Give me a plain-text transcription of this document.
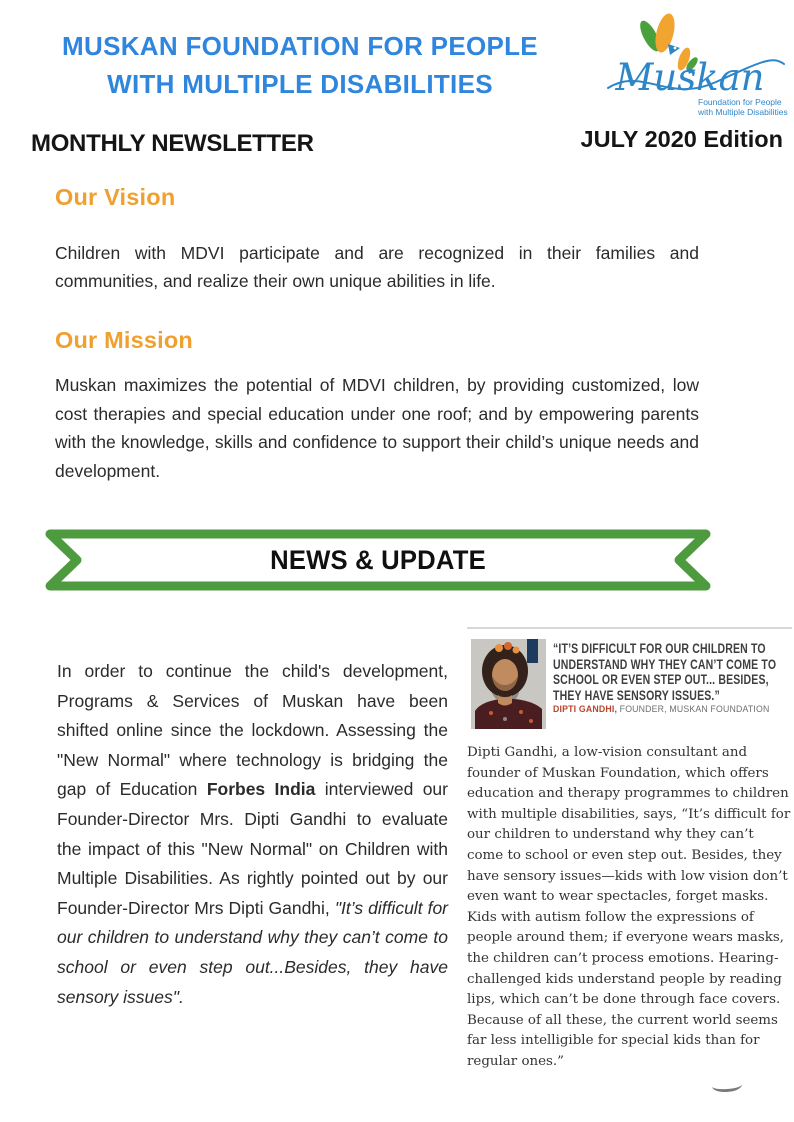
MUSKAN FOUNDATION FOR PEOPLE
WITH MULTIPLE DISABILITIES	Muskan
Foundation for People
with Multiple Disabilities
MONTHLY NEWSLETTER	JULY 2020 Edition
Our Vision
Children with MDVI participate and are recognized in their families and communities, and realize their own unique abilities in life.
Our Mission
Muskan maximizes the potential of MDVI children, by providing customized, low cost therapies and special education under one roof; and by empowering parents with the knowledge, skills and confidence to support their child’s unique needs and development.
NEWS & UPDATE

In order to continue the child's development, Programs & Services of Muskan have been shifted online since the lockdown. Assessing the "New Normal" where technology is bridging the gap of Education Forbes India interviewed our Founder-Director Mrs. Dipti Gandhi to evaluate the impact of this "New Normal" on Children with Multiple Disabilities. As rightly pointed out by our Founder-Director Mrs Dipti Gandhi, "It’s difficult for our children to understand why they can’t come to school or even step out...Besides, they have sensory issues".

“IT’S DIFFICULT FOR OUR CHILDREN TO UNDERSTAND WHY THEY CAN’T COME TO SCHOOL OR EVEN STEP OUT... BESIDES, THEY HAVE SENSORY ISSUES.”
DIPTI GANDHI, FOUNDER, MUSKAN FOUNDATION
Dipti Gandhi, a low-vision consultant and founder of Muskan Foundation, which offers education and therapy programmes to children with multiple disabilities, says, “It’s difficult for our children to understand why they can’t come to school or even step out. Besides, they have sensory issues—kids with low vision don’t even want to wear spectacles, forget masks. Kids with autism follow the expressions of people around them; if everyone wears masks, the children can’t process emotions. Hearing-challenged kids understand people by reading lips, which can’t be done through face covers. Because of all these, the current world seems far less intelligible for special kids than for regular ones.”
